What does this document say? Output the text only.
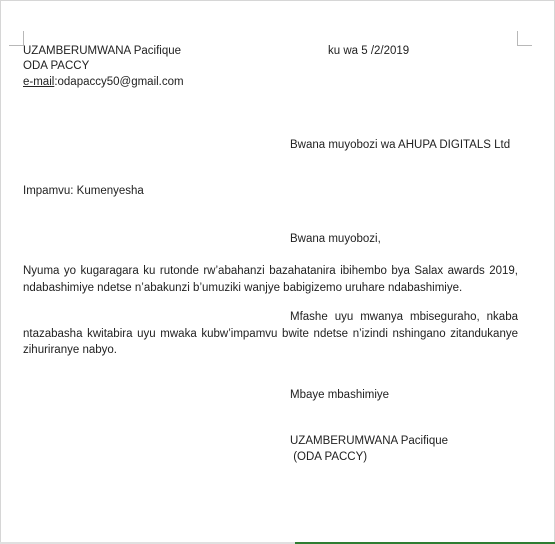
UZAMBERUMWANA Pacifique	ku wa 5 /2/2019
ODA PACCY
e-mail:odapaccy50@gmail.com
Bwana muyobozi wa AHUPA DIGITALS Ltd
Impamvu: Kumenyesha
Bwana muyobozi,
Nyuma yo kugaragara ku rutonde rw’abahanzi bazahatanira ibihembo bya Salax awards 2019, ndabashimiye ndetse n’abakunzi b’umuziki wanjye babigizemo uruhare ndabashimiye.
Mfashe uyu mwanya mbiseguraho, nkaba ntazabasha kwitabira uyu mwaka kubw’impamvu bwite ndetse n’izindi nshingano zitandukanye zihuriranye nabyo.
Mbaye mbashimiye
UZAMBERUMWANA Pacifique
(ODA PACCY)
